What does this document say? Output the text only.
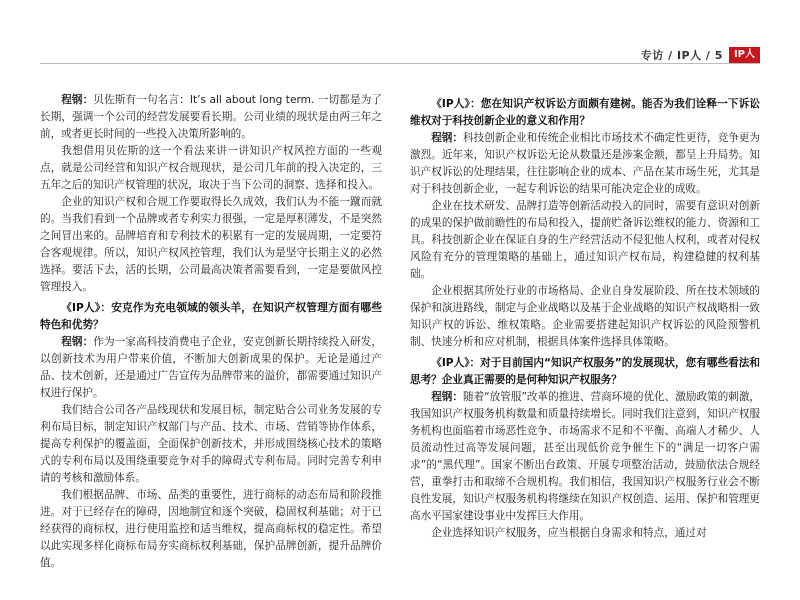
专访 / IP人 / 5	IP人

程钢：贝佐斯有一句名言：It’s all about long term. 一切都是为了长期，强调一个公司的经营发展要看长期。公司业绩的现状是由两三年之前，或者更长时间的一些投入决策所影响的。

我想借用贝佐斯的这一个看法来讲一讲知识产权风控方面的一些观点，就是公司经营和知识产权合规现状，是公司几年前的投入决定的，三五年之后的知识产权管理的状况，取决于当下公司的洞察、选择和投入。

企业的知识产权和合规工作要取得长久成效，我们认为不能一蹴而就的。当我们看到一个品牌或者专利实力很强，一定是厚积薄发，不是突然之间冒出来的。品牌培育和专利技术的积累有一定的发展周期，一定要符合客观规律。所以，知识产权风控管理，我们认为是坚守长期主义的必然选择。要活下去，活的长期，公司最高决策者需要看到，一定是要做风控管理投入。

《IP人》：安克作为充电领域的领头羊，在知识产权管理方面有哪些特色和优势？

程钢：作为一家高科技消费电子企业，安克创新长期持续投入研发，以创新技术为用户带来价值，不断加大创新成果的保护。无论是通过产品、技术创新，还是通过广告宣传为品牌带来的溢价，都需要通过知识产权进行保护。

我们结合公司各产品线现状和发展目标，制定贴合公司业务发展的专利布局目标，制定知识产权部门与产品、技术、市场、营销等协作体系，提高专利保护的覆盖面，全面保护创新技术，并形成围绕核心技术的策略式的专利布局以及围绕重要竞争对手的障碍式专利布局。同时完善专利申请的考核和激励体系。

我们根据品牌、市场、品类的重要性，进行商标的动态布局和阶段推进。对于已经存在的障碍，因地制宜和逐个突破，稳固权利基础；对于已经获得的商标权，进行使用监控和适当维权，提高商标权的稳定性。希望以此实现多样化商标布局夯实商标权利基础，保护品牌创新，提升品牌价值。

《IP人》：您在知识产权诉讼方面颇有建树。能否为我们诠释一下诉讼维权对于科技创新企业的意义和作用？

程钢：科技创新企业和传统企业相比市场技术不确定性更待，竞争更为激烈。近年来，知识产权诉讼无论从数量还是涉案金额，都呈上升局势。知识产权诉讼的处理结果，往往影响企业的成本、产品在某市场生死，尤其是对于科技创新企业，一起专利诉讼的结果可能决定企业的成败。

企业在技术研发、品牌打造等创新活动投入的同时，需要有意识对创新的成果的保护做前瞻性的布局和投入，提前贮备诉讼维权的能力、资源和工具。科技创新企业在保证自身的生产经营活动不侵犯他人权利，或者对侵权风险有充分的管理策略的基础上，通过知识产权布局，构建稳健的权利基础。

企业根据其所处行业的市场格局、企业自身发展阶段、所在技术领域的保护和演进路线，制定与企业战略以及基于企业战略的知识产权战略相一致知识产权的诉讼、维权策略。企业需要搭建起知识产权诉讼的风险预警机制、快速分析和应对机制，根据具体案件选择具体策略。

《IP人》：对于目前国内“知识产权服务”的发展现状，您有哪些看法和思考？企业真正需要的是何种知识产权服务？

程钢：随着“放管服”改革的推进、营商环境的优化、激励政策的刺激，我国知识产权服务机构数量和质量持续增长。同时我们注意到，知识产权服务机构也面临着市场恶性竞争、市场需求不足和不平衡、高端人才稀少、人员流动性过高等发展问题，甚至出现低价竞争催生下的“满足一切客户需求”的“黑代理”。国家不断出台政策、开展专项整治活动，鼓励依法合规经营，重拳打击和取缔不合规机构。我们相信，我国知识产权服务行业会不断良性发展，知识产权服务机构将继续在知识产权创造、运用、保护和管理更高水平国家建设事业中发挥巨大作用。

企业选择知识产权服务，应当根据自身需求和特点，通过对
